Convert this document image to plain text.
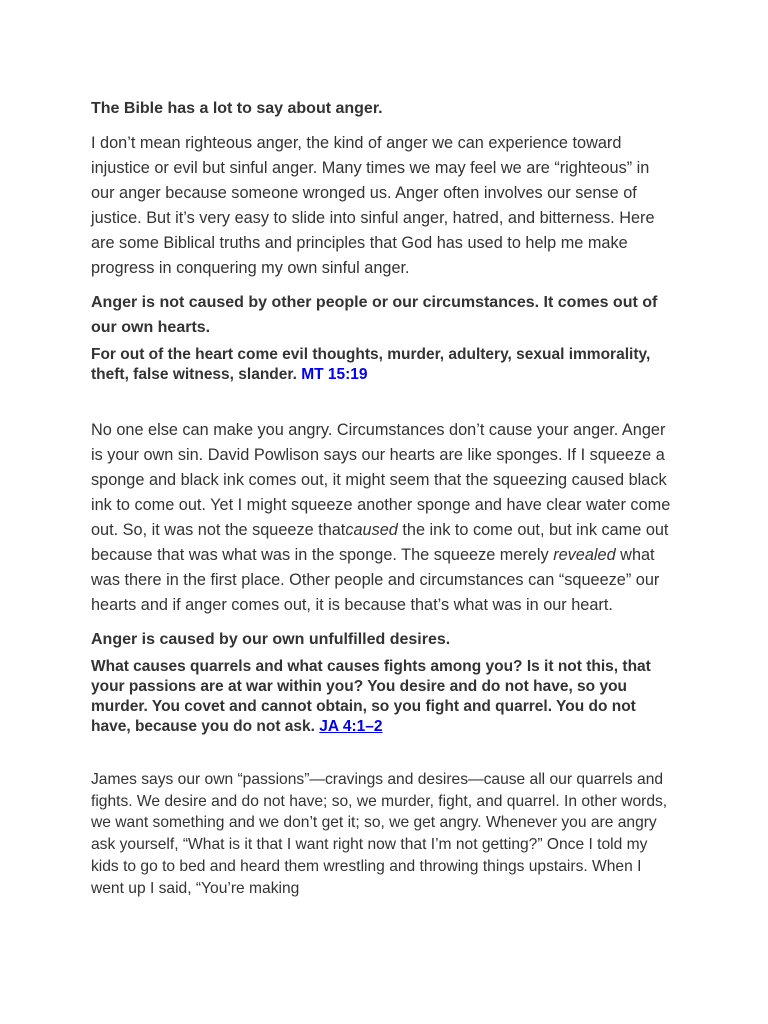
The Bible has a lot to say about anger.

I don’t mean righteous anger, the kind of anger we can experience toward injustice or evil but sinful anger. Many times we may feel we are “righteous” in our anger because someone wronged us. Anger often involves our sense of justice. But it’s very easy to slide into sinful anger, hatred, and bitterness. Here are some Biblical truths and principles that God has used to help me make progress in conquering my own sinful anger.

Anger is not caused by other people or our circumstances. It comes out of our own hearts.

For out of the heart come evil thoughts, murder, adultery, sexual immorality, theft, false witness, slander. MT 15:19

No one else can make you angry. Circumstances don’t cause your anger. Anger is your own sin. David Powlison says our hearts are like sponges. If I squeeze a sponge and black ink comes out, it might seem that the squeezing caused black ink to come out. Yet I might squeeze another sponge and have clear water come out. So, it was not the squeeze thatcaused the ink to come out, but ink came out because that was what was in the sponge. The squeeze merely revealed what was there in the first place. Other people and circumstances can “squeeze” our hearts and if anger comes out, it is because that’s what was in our heart.

Anger is caused by our own unfulfilled desires.

What causes quarrels and what causes fights among you? Is it not this, that your passions are at war within you? You desire and do not have, so you murder. You covet and cannot obtain, so you fight and quarrel. You do not have, because you do not ask. JA 4:1–2

James says our own “passions”—cravings and desires—cause all our quarrels and fights. We desire and do not have; so, we murder, fight, and quarrel. In other words, we want something and we don’t get it; so, we get angry. Whenever you are angry ask yourself, “What is it that I want right now that I’m not getting?” Once I told my kids to go to bed and heard them wrestling and throwing things upstairs. When I went up I said, “You’re making
